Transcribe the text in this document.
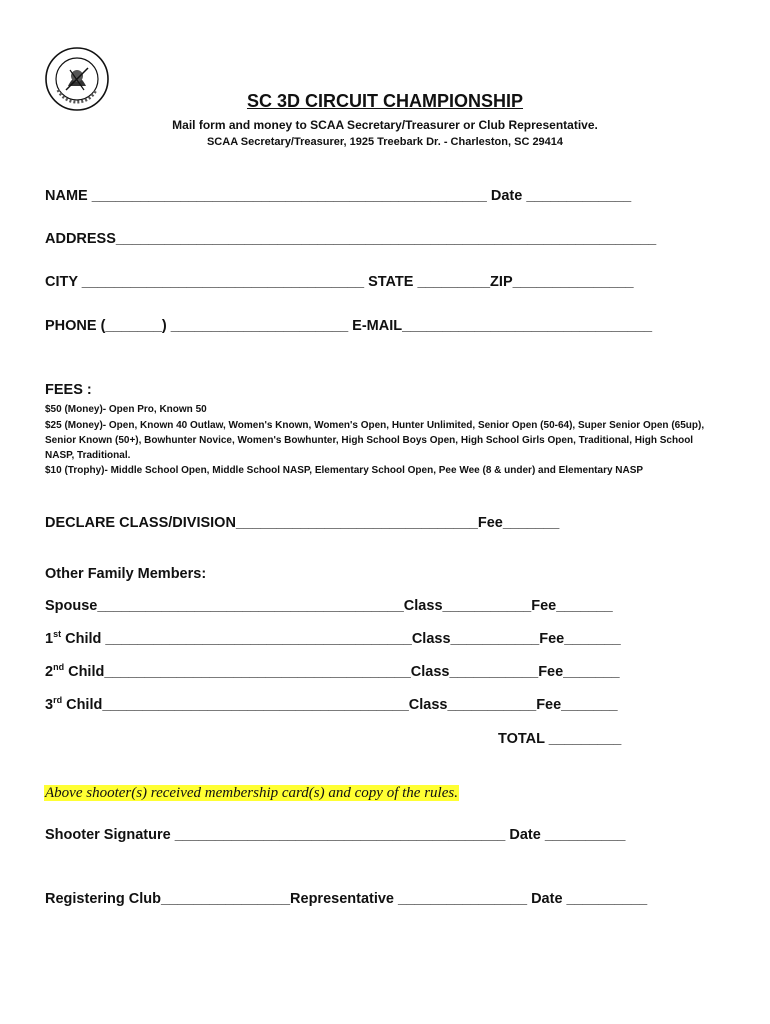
SC 3D CIRCUIT CHAMPIONSHIP
Mail form and money to SCAA Secretary/Treasurer or Club Representative.
SCAA Secretary/Treasurer, 1925 Treebark Dr. - Charleston, SC 29414
NAME _________________________________________________ Date _____________
ADDRESS___________________________________________________________________
CITY ___________________________________ STATE _________ZIP_______________
PHONE (_______) ______________________ E-MAIL_______________________________
FEES :
$50 (Money)- Open Pro, Known 50
$25 (Money)- Open, Known 40 Outlaw, Women's Known, Women's Open, Hunter Unlimited, Senior Open (50-64), Super Senior Open (65up), Senior Known (50+), Bowhunter Novice, Women's Bowhunter, High School Boys Open, High School Girls Open, Traditional, High School NASP, Traditional.
$10 (Trophy)- Middle School Open, Middle School NASP, Elementary School Open, Pee Wee (8 & under) and Elementary NASP
DECLARE CLASS/DIVISION______________________________Fee_______
Other Family Members:
Spouse______________________________________Class___________Fee_______
1st Child ______________________________________Class___________Fee_______
2nd Child______________________________________Class___________Fee_______
3rd Child______________________________________Class___________Fee_______
TOTAL _________
Above shooter(s) received membership card(s) and copy of the rules.
Shooter Signature _________________________________________ Date __________
Registering Club________________Representative ________________ Date __________
